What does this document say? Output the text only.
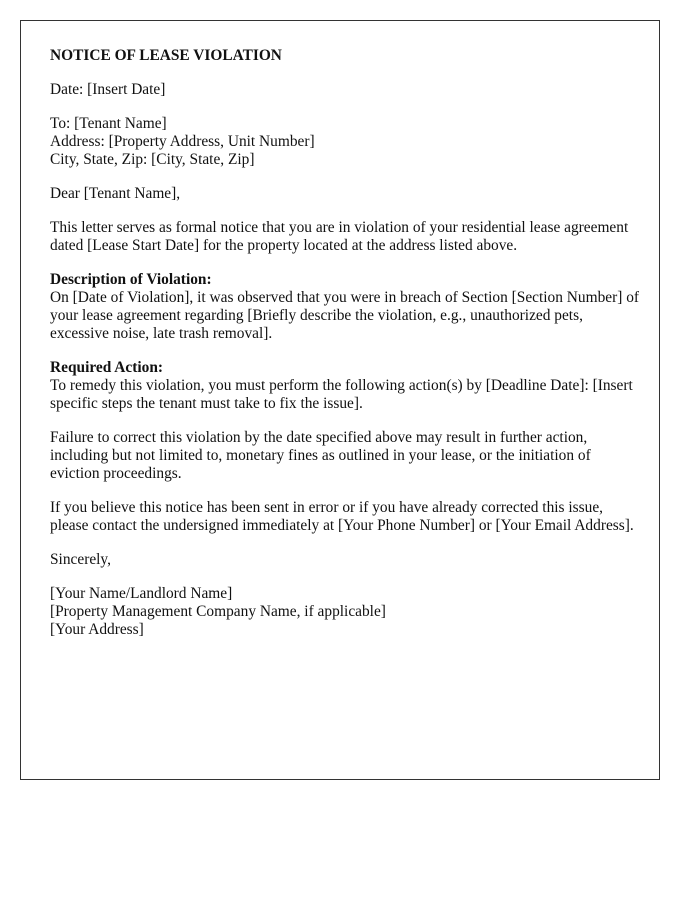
NOTICE OF LEASE VIOLATION

Date: [Insert Date]

To: [Tenant Name]
Address: [Property Address, Unit Number]
City, State, Zip: [City, State, Zip]

Dear [Tenant Name],

This letter serves as formal notice that you are in violation of your residential lease agreement dated [Lease Start Date] for the property located at the address listed above.

Description of Violation:
On [Date of Violation], it was observed that you were in breach of Section [Section Number] of your lease agreement regarding [Briefly describe the violation, e.g., unauthorized pets, excessive noise, late trash removal].

Required Action:
To remedy this violation, you must perform the following action(s) by [Deadline Date]: [Insert specific steps the tenant must take to fix the issue].

Failure to correct this violation by the date specified above may result in further action, including but not limited to, monetary fines as outlined in your lease, or the initiation of eviction proceedings.

If you believe this notice has been sent in error or if you have already corrected this issue, please contact the undersigned immediately at [Your Phone Number] or [Your Email Address].

Sincerely,

[Your Name/Landlord Name]
[Property Management Company Name, if applicable]
[Your Address]
